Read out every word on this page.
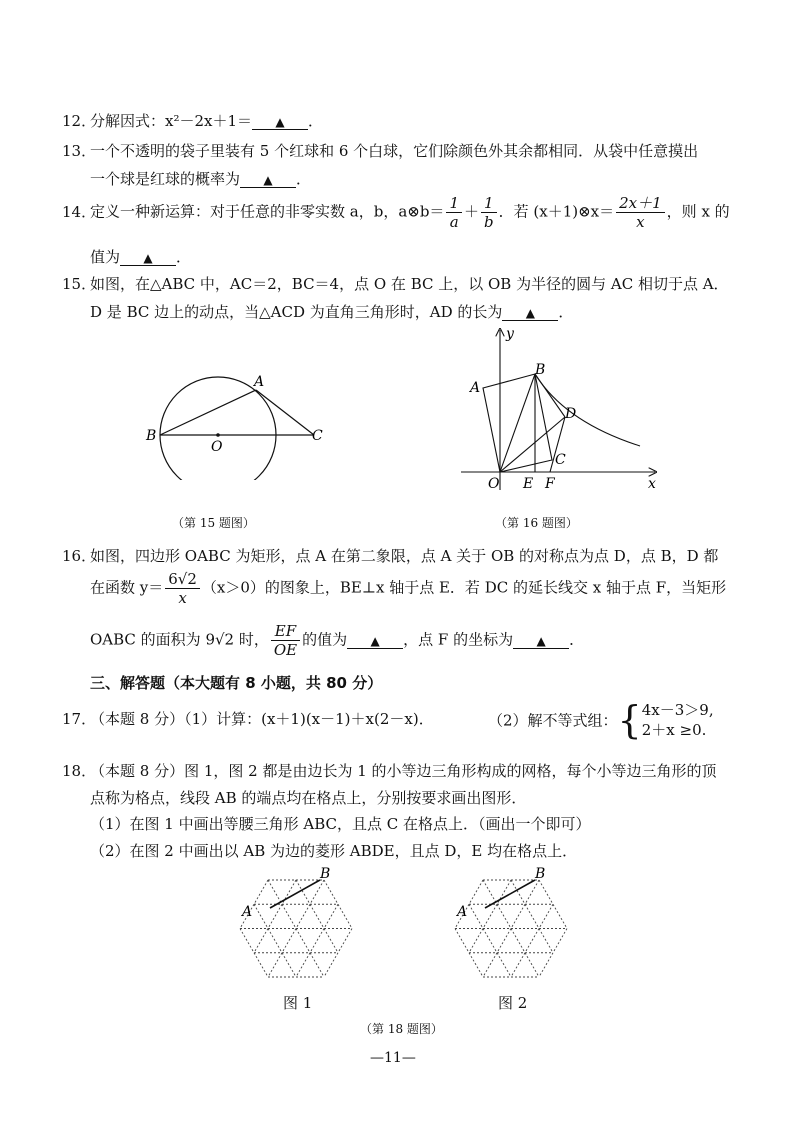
12．分解因式：x²－2x＋1＝ ▲ ．
13．一个不透明的袋子里装有 5 个红球和 6 个白球，它们除颜色外其余都相同．从袋中任意摸出
一个球是红球的概率为 ▲ ．
14．定义一种新运算：对于任意的非零实数 a，b，a⊗b＝ $\frac{1}{a} + \frac{1}{b}$ ．若 (x＋1)⊗x＝ $\frac{2x+1}{x}$ ，则 x 的
值为 ▲ ．
15．如图，在△ABC 中，AC＝2，BC＝4，点 O 在 BC 上，以 OB 为半径的圆与 AC 相切于点 A．
D 是 BC 边上的动点，当△ACD 为直角三角形时，AD 的长为 ▲ ．
A
B	C
O
（第 15 题图）
y
x
A
B
C
D
O E F
（第 16 题图）
16．如图，四边形 OABC 为矩形，点 A 在第二象限，点 A 关于 OB 的对称点为点 D，点 B，D 都
在函数 $y= \frac{6√2}{x} (x>0)$的图象上，BE⊥x 轴于点 E．若 DC 的延长线交 x 轴于点 F，当矩形
OABC 的面积为 9√2 时， $\frac{EF}{OE}$ 的值为 ▲ ，点 F 的坐标为 ▲ ．
三、解答题（本大题有 8 小题，共 80 分）
17．（本题 8 分）（1）计算：(x＋1)(x－1)＋x(2－x)．	（2）解不等式组：{ 4x－3＞9,
2＋x ≥0.
18．（本题 8 分）图 1，图 2 都是由边长为 1 的小等边三角形构成的网格，每个小等边三角形的顶
点称为格点，线段 AB 的端点均在格点上，分别按要求画出图形．
（1）在图 1 中画出等腰三角形 ABC，且点 C 在格点上．（画出一个即可）
（2）在图 2 中画出以 AB 为边的菱形 ABDE，且点 D，E 均在格点上．
A
B
A
B
图 1	图 2
（第 18 题图）
—11—
